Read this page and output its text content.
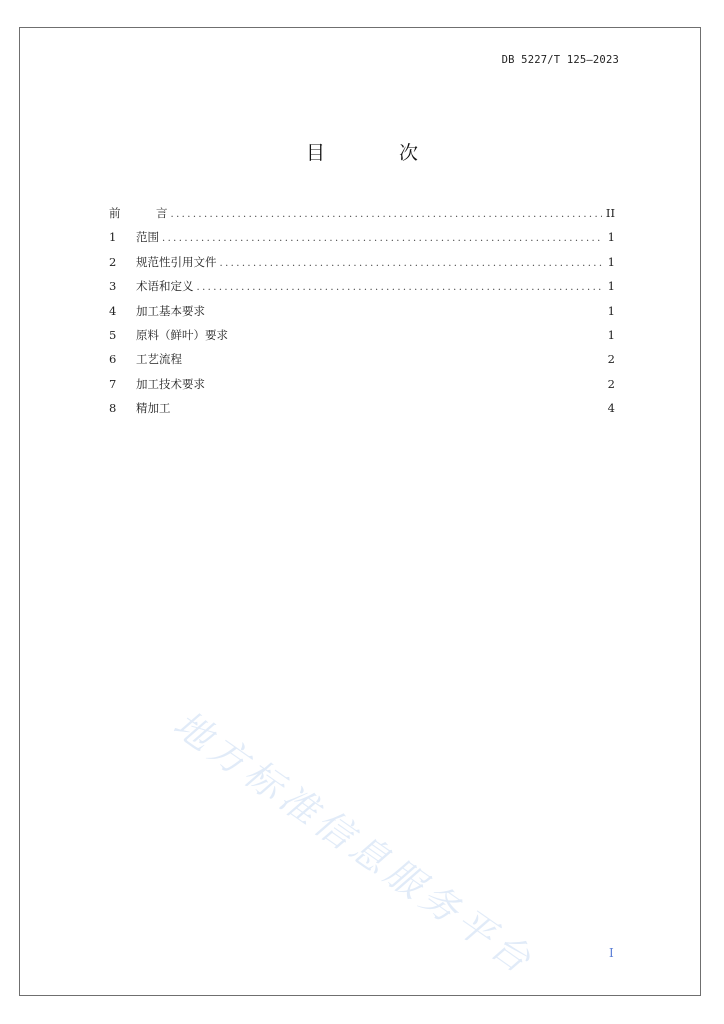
DB 5227/T 125—2023
目 次
前	言 .....	II
1	范围 .....	1
2	规范性引用文件 .....	1
3	术语和定义 .....	1
4	加工基本要求	1
5	原料（鲜叶）要求	1
6	工艺流程	2
7	加工技术要求	2
8	精加工	4
地方标准信息服务平台	I
